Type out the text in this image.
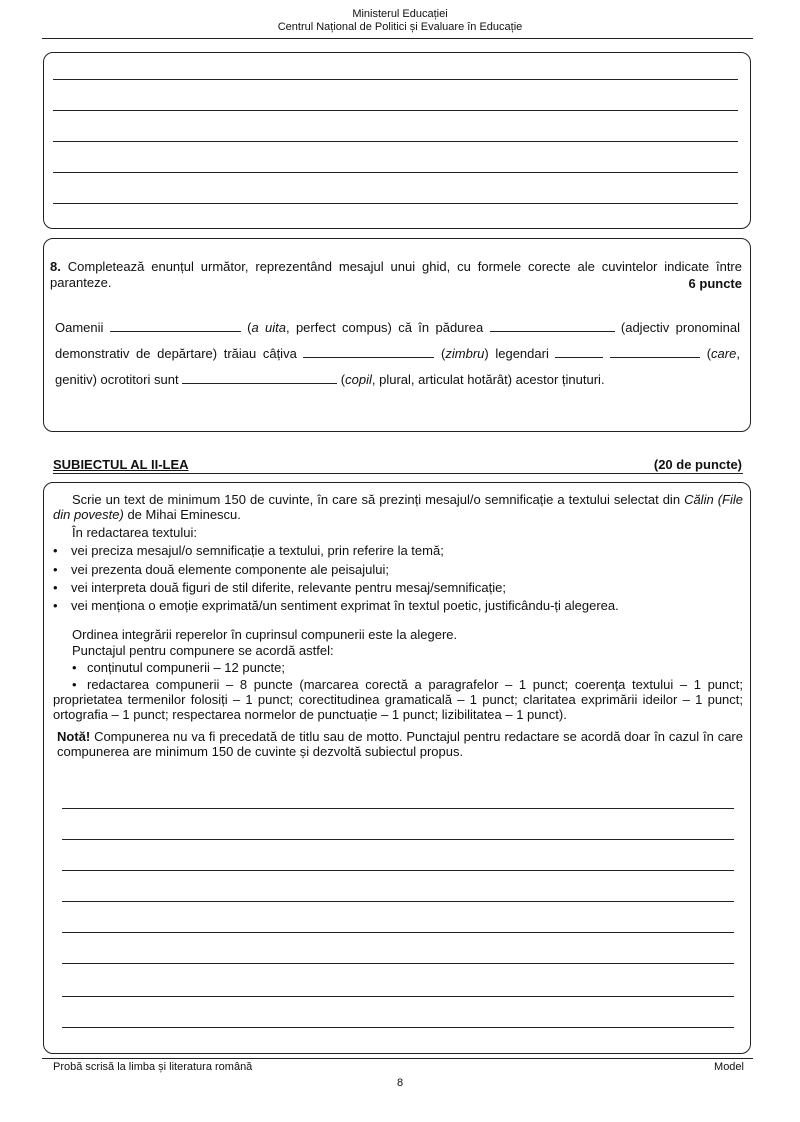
Ministerul Educației
Centrul Național de Politici și Evaluare în Educație
8. Completează enunțul următor, reprezentând mesajul unui ghid, cu formele corecte ale cuvintelor indicate între paranteze.	6 puncte
Oamenii	(a uita, perfect compus) că în pădurea	(adjectiv pronominal demonstrativ de depărtare) trăiau câțiva	(zimbru) legendari	(care, genitiv) ocrotitori sunt	(copil, plural, articulat hotărât) acestor ținuturi.
SUBIECTUL AL II-LEA	(20 de puncte)
Scrie un text de minimum 150 de cuvinte, în care să prezinți mesajul/o semnificație a textului selectat din Călin (File din poveste) de Mihai Eminescu.
În redactarea textului:
• vei preciza mesajul/o semnificație a textului, prin referire la temă;
• vei prezenta două elemente componente ale peisajului;
• vei interpreta două figuri de stil diferite, relevante pentru mesaj/semnificație;
• vei menționa o emoție exprimată/un sentiment exprimat în textul poetic, justificându-ți alegerea.
Ordinea integrării reperelor în cuprinsul compunerii este la alegere.
Punctajul pentru compunere se acordă astfel:
• conținutul compunerii – 12 puncte;
• redactarea compunerii – 8 puncte (marcarea corectă a paragrafelor – 1 punct; coerența textului – 1 punct; proprietatea termenilor folosiți – 1 punct; corectitudinea gramaticală – 1 punct; claritatea exprimării ideilor – 1 punct; ortografia – 1 punct; respectarea normelor de punctuație – 1 punct; lizibilitatea – 1 punct).
Notă! Compunerea nu va fi precedată de titlu sau de motto. Punctajul pentru redactare se acordă doar în cazul în care compunerea are minimum 150 de cuvinte și dezvoltă subiectul propus.
Probă scrisă la limba și literatura română	Model
8
